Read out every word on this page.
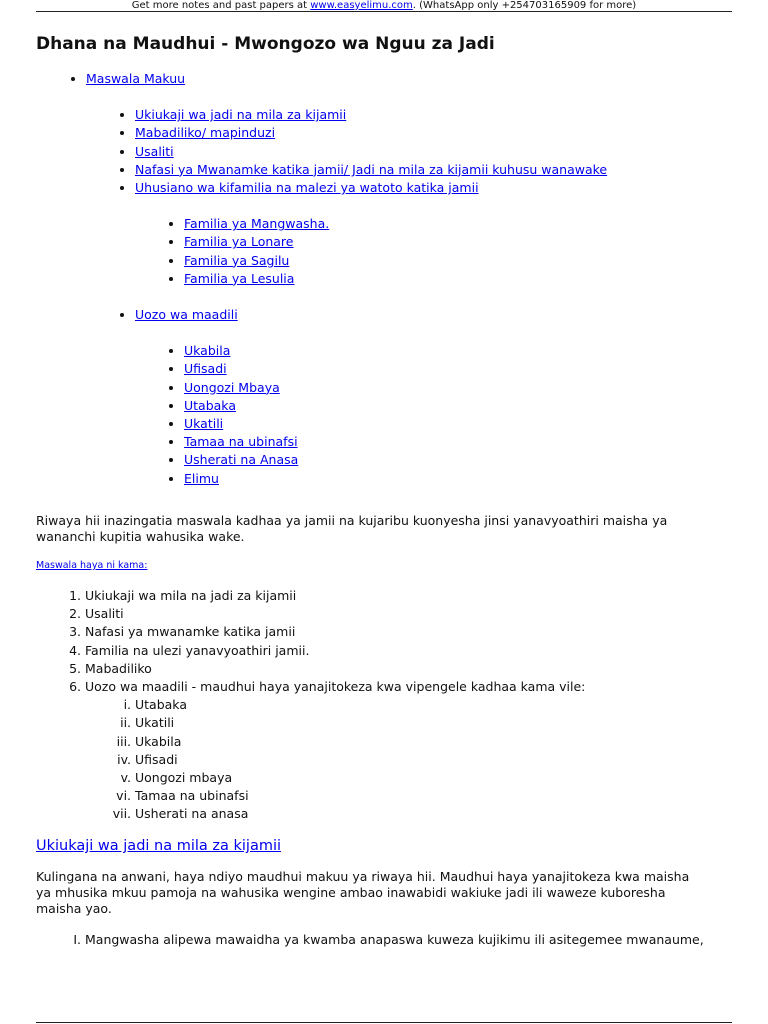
Get more notes and past papers at www.easyelimu.com. (WhatsApp only +254703165909 for more)
Dhana na Maudhui - Mwongozo wa Nguu za Jadi
• Maswala Makuu
• Ukiukaji wa jadi na mila za kijamii
• Mabadiliko/ mapinduzi
• Usaliti
• Nafasi ya Mwanamke katika jamii/ Jadi na mila za kijamii kuhusu wanawake
• Uhusiano wa kifamilia na malezi ya watoto katika jamii
• Familia ya Mangwasha.
• Familia ya Lonare
• Familia ya Sagilu
• Familia ya Lesulia
• Uozo wa maadili
• Ukabila
• Ufisadi
• Uongozi Mbaya
• Utabaka
• Ukatili
• Tamaa na ubinafsi
• Usherati na Anasa
• Elimu

Riwaya hii inazingatia maswala kadhaa ya jamii na kujaribu kuonyesha jinsi yanavyoathiri maisha ya wananchi kupitia wahusika wake.

Maswala haya ni kama:
1. Ukiukaji wa mila na jadi za kijamii
2. Usaliti
3. Nafasi ya mwanamke katika jamii
4. Familia na ulezi yanavyoathiri jamii.
5. Mabadiliko
6. Uozo wa maadili - maudhui haya yanajitokeza kwa vipengele kadhaa kama vile:
i. Utabaka
ii. Ukatili
iii. Ukabila
iv. Ufisadi
v. Uongozi mbaya
vi. Tamaa na ubinafsi
vii. Usherati na anasa
Ukiukaji wa jadi na mila za kijamii

Kulingana na anwani, haya ndiyo maudhui makuu ya riwaya hii. Maudhui haya yanajitokeza kwa maisha ya mhusika mkuu pamoja na wahusika wengine ambao inawabidi wakiuke jadi ili waweze kuboresha maisha yao.

I. Mangwasha alipewa mawaidha ya kwamba anapaswa kuweza kujikimu ili asitegemee mwanaume,
